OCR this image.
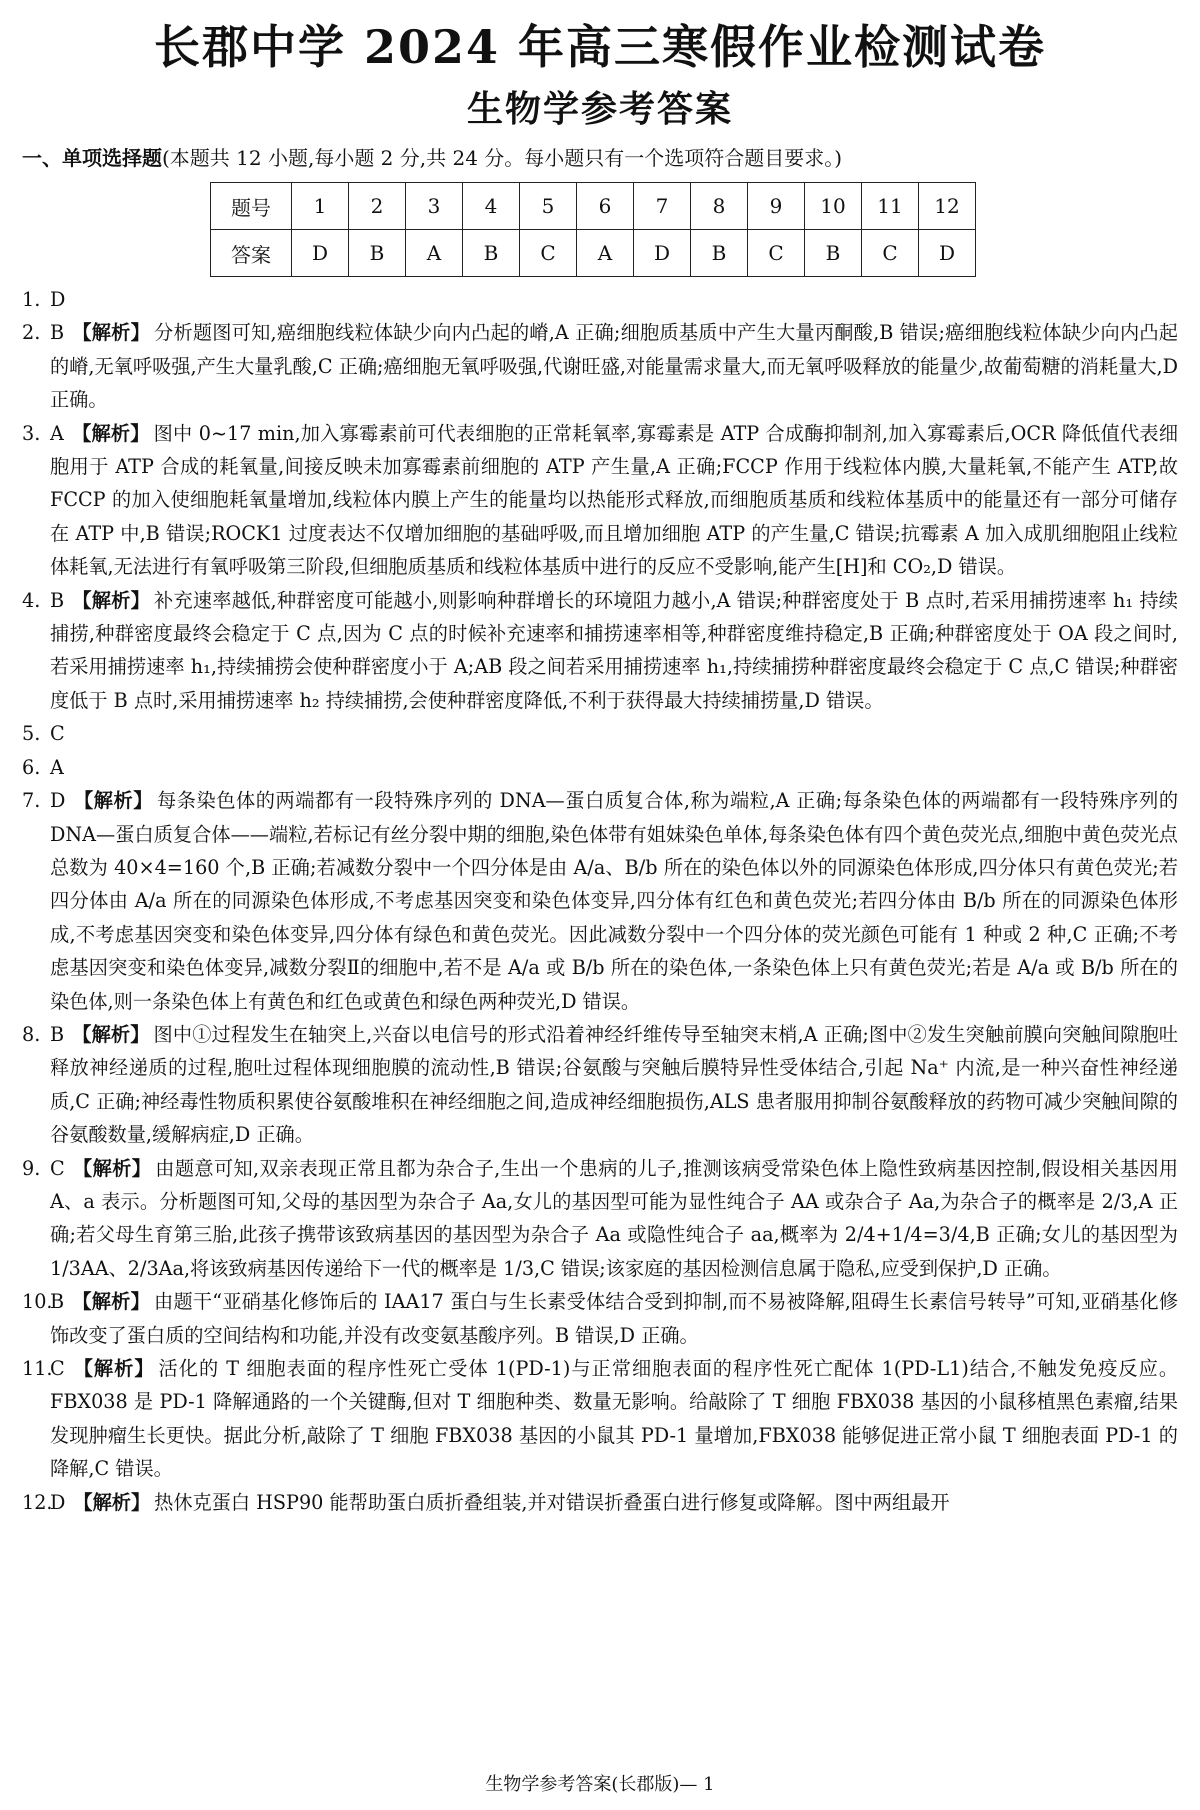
长郡中学 2024 年高三寒假作业检测试卷
生物学参考答案
一、单项选择题(本题共 12 小题,每小题 2 分,共 24 分。每小题只有一个选项符合题目要求。)
题号	1	2	3	4	5	6	7	8	9	10	11	12
答案	D	B	A	B	C	A	D	B	C	B	C	D

1. D

2. B 【解析】 分析题图可知,癌细胞线粒体缺少向内凸起的嵴,A 正确;细胞质基质中产生大量丙酮酸,B 错误;癌细胞线粒体缺少向内凸起的嵴,无氧呼吸强,产生大量乳酸,C 正确;癌细胞无氧呼吸强,代谢旺盛,对能量需求量大,而无氧呼吸释放的能量少,故葡萄糖的消耗量大,D 正确。

3. A 【解析】 图中 0~17 min,加入寡霉素前可代表细胞的正常耗氧率,寡霉素是 ATP 合成酶抑制剂,加入寡霉素后,OCR 降低值代表细胞用于 ATP 合成的耗氧量,间接反映未加寡霉素前细胞的 ATP 产生量,A 正确;FCCP 作用于线粒体内膜,大量耗氧,不能产生 ATP,故 FCCP 的加入使细胞耗氧量增加,线粒体内膜上产生的能量均以热能形式释放,而细胞质基质和线粒体基质中的能量还有一部分可储存在 ATP 中,B 错误;ROCK1 过度表达不仅增加细胞的基础呼吸,而且增加细胞 ATP 的产生量,C 错误;抗霉素 A 加入成肌细胞阻止线粒体耗氧,无法进行有氧呼吸第三阶段,但细胞质基质和线粒体基质中进行的反应不受影响,能产生[H]和 CO₂,D 错误。

4. B 【解析】 补充速率越低,种群密度可能越小,则影响种群增长的环境阻力越小,A 错误;种群密度处于 B 点时,若采用捕捞速率 h₁ 持续捕捞,种群密度最终会稳定于 C 点,因为 C 点的时候补充速率和捕捞速率相等,种群密度维持稳定,B 正确;种群密度处于 OA 段之间时,若采用捕捞速率 h₁,持续捕捞会使种群密度小于 A;AB 段之间若采用捕捞速率 h₁,持续捕捞种群密度最终会稳定于 C 点,C 错误;种群密度低于 B 点时,采用捕捞速率 h₂ 持续捕捞,会使种群密度降低,不利于获得最大持续捕捞量,D 错误。

5. C

6. A

7. D 【解析】 每条染色体的两端都有一段特殊序列的 DNA—蛋白质复合体,称为端粒,A 正确;每条染色体的两端都有一段特殊序列的 DNA—蛋白质复合体——端粒,若标记有丝分裂中期的细胞,染色体带有姐妹染色单体,每条染色体有四个黄色荧光点,细胞中黄色荧光点总数为 40×4=160 个,B 正确;若减数分裂中一个四分体是由 A/a、B/b 所在的染色体以外的同源染色体形成,四分体只有黄色荧光;若四分体由 A/a 所在的同源染色体形成,不考虑基因突变和染色体变异,四分体有红色和黄色荧光;若四分体由 B/b 所在的同源染色体形成,不考虑基因突变和染色体变异,四分体有绿色和黄色荧光。因此减数分裂中一个四分体的荧光颜色可能有 1 种或 2 种,C 正确;不考虑基因突变和染色体变异,减数分裂Ⅱ的细胞中,若不是 A/a 或 B/b 所在的染色体,一条染色体上只有黄色荧光;若是 A/a 或 B/b 所在的染色体,则一条染色体上有黄色和红色或黄色和绿色两种荧光,D 错误。

8. B 【解析】 图中①过程发生在轴突上,兴奋以电信号的形式沿着神经纤维传导至轴突末梢,A 正确;图中②发生突触前膜向突触间隙胞吐释放神经递质的过程,胞吐过程体现细胞膜的流动性,B 错误;谷氨酸与突触后膜特异性受体结合,引起 Na⁺ 内流,是一种兴奋性神经递质,C 正确;神经毒性物质积累使谷氨酸堆积在神经细胞之间,造成神经细胞损伤,ALS 患者服用抑制谷氨酸释放的药物可减少突触间隙的谷氨酸数量,缓解病症,D 正确。

9. C 【解析】 由题意可知,双亲表现正常且都为杂合子,生出一个患病的儿子,推测该病受常染色体上隐性致病基因控制,假设相关基因用 A、a 表示。分析题图可知,父母的基因型为杂合子 Aa,女儿的基因型可能为显性纯合子 AA 或杂合子 Aa,为杂合子的概率是 2/3,A 正确;若父母生育第三胎,此孩子携带该致病基因的基因型为杂合子 Aa 或隐性纯合子 aa,概率为 2/4+1/4=3/4,B 正确;女儿的基因型为 1/3AA、2/3Aa,将该致病基因传递给下一代的概率是 1/3,C 错误;该家庭的基因检测信息属于隐私,应受到保护,D 正确。

10.B 【解析】 由题干“亚硝基化修饰后的 IAA17 蛋白与生长素受体结合受到抑制,而不易被降解,阻碍生长素信号转导”可知,亚硝基化修饰改变了蛋白质的空间结构和功能,并没有改变氨基酸序列。B 错误,D 正确。

11.C 【解析】 活化的 T 细胞表面的程序性死亡受体 1(PD-1)与正常细胞表面的程序性死亡配体 1(PD-L1)结合,不触发免疫反应。FBX038 是 PD-1 降解通路的一个关键酶,但对 T 细胞种类、数量无影响。给敲除了 T 细胞 FBX038 基因的小鼠移植黑色素瘤,结果发现肿瘤生长更快。据此分析,敲除了 T 细胞 FBX038 基因的小鼠其 PD-1 量增加,FBX038 能够促进正常小鼠 T 细胞表面 PD-1 的降解,C 错误。

12.D 【解析】 热休克蛋白 HSP90 能帮助蛋白质折叠组装,并对错误折叠蛋白进行修复或降解。图中两组最开

生物学参考答案(长郡版)— 1
